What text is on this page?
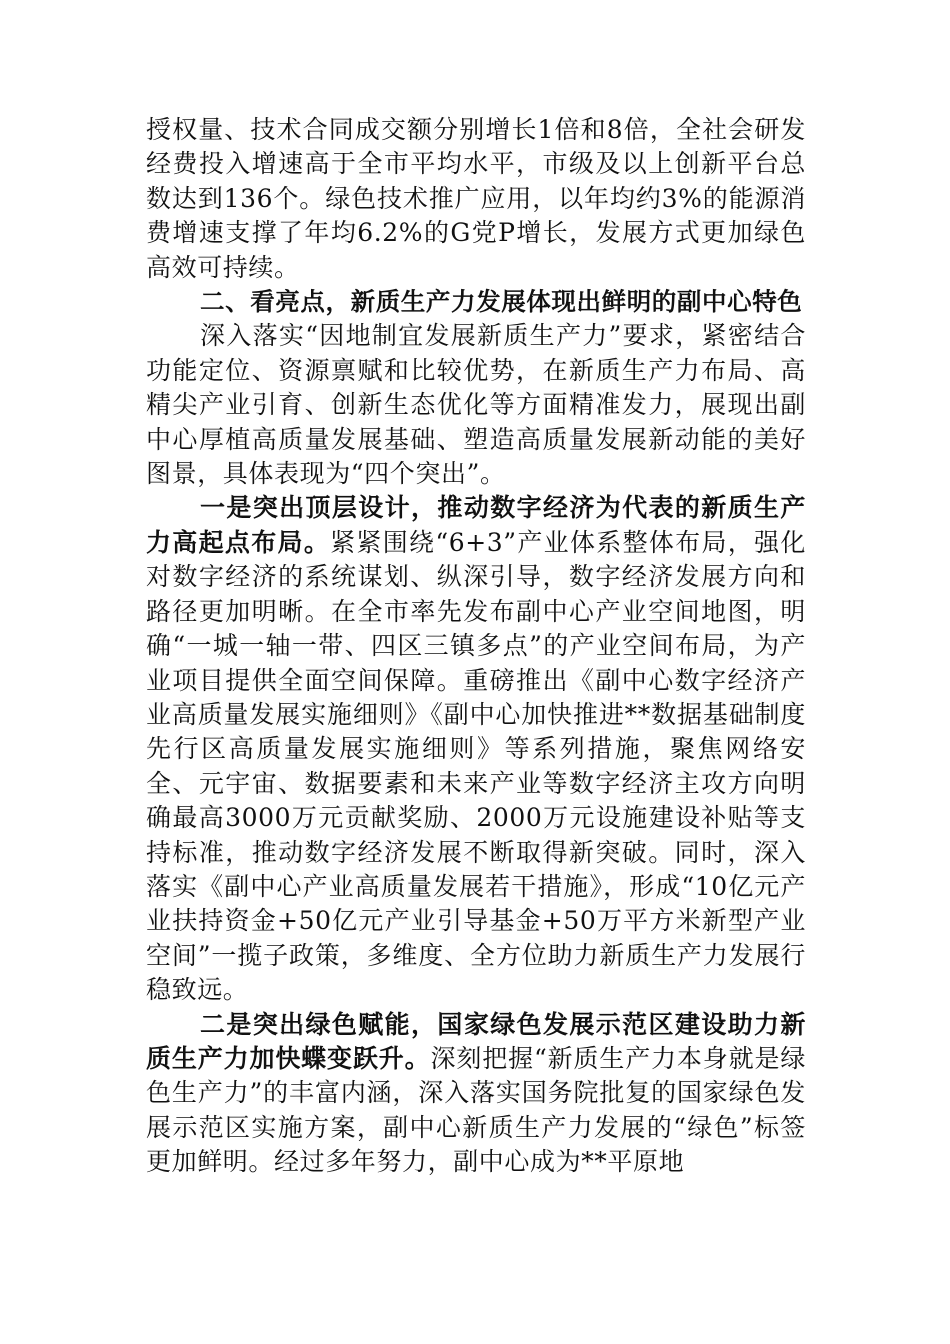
授权量、技术合同成交额分别增长1倍和8倍，全社会研发经费投入增速高于全市平均水平，市级及以上创新平台总数达到136个。绿色技术推广应用，以年均约3%的能源消费增速支撑了年均6.2%的G党P增长，发展方式更加绿色高效可持续。

二、看亮点，新质生产力发展体现出鲜明的副中心特色

深入落实“因地制宜发展新质生产力”要求，紧密结合功能定位、资源禀赋和比较优势，在新质生产力布局、高精尖产业引育、创新生态优化等方面精准发力，展现出副中心厚植高质量发展基础、塑造高质量发展新动能的美好图景，具体表现为“四个突出”。

一是突出顶层设计，推动数字经济为代表的新质生产力高起点布局。紧紧围绕“6+3”产业体系整体布局，强化对数字经济的系统谋划、纵深引导，数字经济发展方向和路径更加明晰。在全市率先发布副中心产业空间地图，明确“一城一轴一带、四区三镇多点”的产业空间布局，为产业项目提供全面空间保障。重磅推出《副中心数字经济产业高质量发展实施细则》《副中心加快推进**数据基础制度先行区高质量发展实施细则》等系列措施，聚焦网络安全、元宇宙、数据要素和未来产业等数字经济主攻方向明确最高3000万元贡献奖励、2000万元设施建设补贴等支持标准，推动数字经济发展不断取得新突破。同时，深入落实《副中心产业高质量发展若干措施》，形成“10亿元产业扶持资金+50亿元产业引导基金+50万平方米新型产业空间”一揽子政策，多维度、全方位助力新质生产力发展行稳致远。

二是突出绿色赋能，国家绿色发展示范区建设助力新质生产力加快蝶变跃升。深刻把握“新质生产力本身就是绿色生产力”的丰富内涵，深入落实国务院批复的国家绿色发展示范区实施方案，副中心新质生产力发展的“绿色”标签更加鲜明。经过多年努力，副中心成为**平原地
